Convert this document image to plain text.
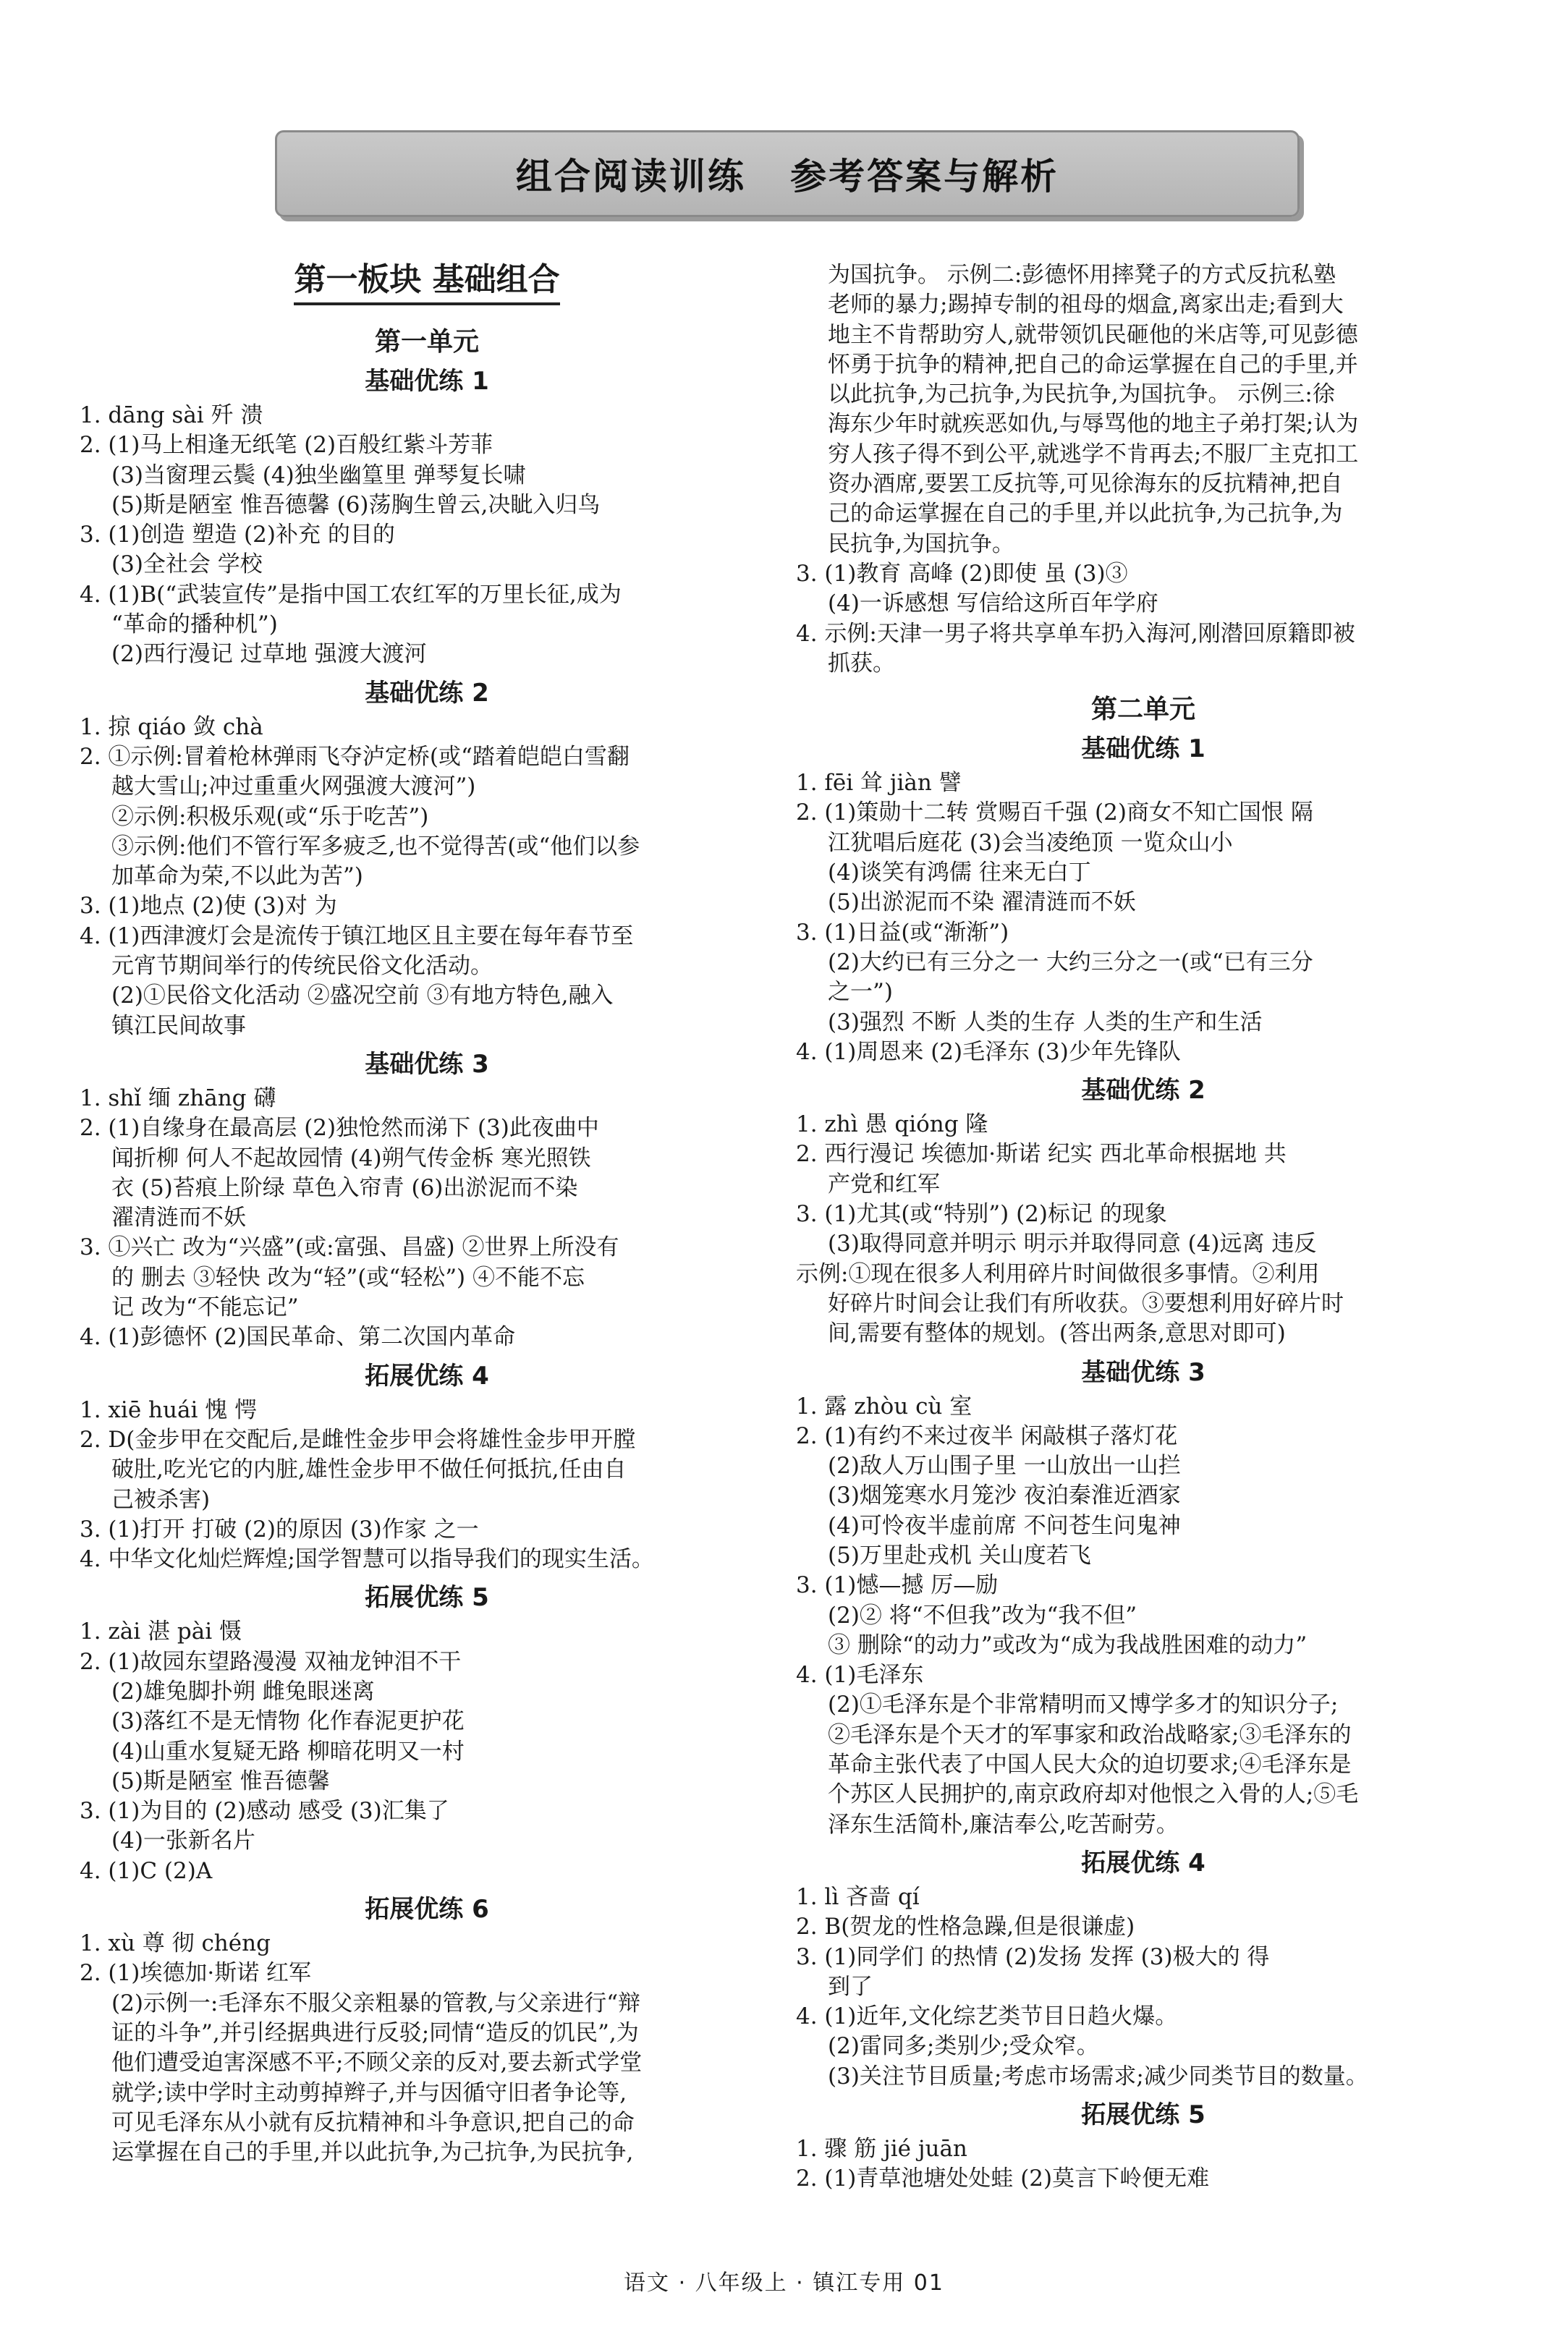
组合阅读训练   参考答案与解析
第一板块 基础组合
第一单元
基础优练 1
1. dāng sài 歼 溃
2. (1)马上相逢无纸笔 (2)百般红紫斗芳菲
(3)当窗理云鬓 (4)独坐幽篁里 弹琴复长啸
(5)斯是陋室 惟吾德馨 (6)荡胸生曾云,决眦入归鸟
3. (1)创造 塑造 (2)补充 的目的
(3)全社会 学校
4. (1)B(“武装宣传”是指中国工农红军的万里长征,成为
“革命的播种机”)
(2)西行漫记 过草地 强渡大渡河
基础优练 2
1. 掠 qiáo 敛 chà
2. ①示例:冒着枪林弹雨飞夺泸定桥(或“踏着皑皑白雪翻
越大雪山;冲过重重火网强渡大渡河”)
②示例:积极乐观(或“乐于吃苦”)
③示例:他们不管行军多疲乏,也不觉得苦(或“他们以参
加革命为荣,不以此为苦”)
3. (1)地点 (2)使 (3)对 为
4. (1)西津渡灯会是流传于镇江地区且主要在每年春节至
元宵节期间举行的传统民俗文化活动。
(2)①民俗文化活动 ②盛况空前 ③有地方特色,融入
镇江民间故事
基础优练 3
1. shǐ 缅 zhāng 礴
2. (1)自缘身在最高层 (2)独怆然而涕下 (3)此夜曲中
闻折柳 何人不起故园情 (4)朔气传金柝 寒光照铁
衣 (5)苔痕上阶绿 草色入帘青 (6)出淤泥而不染
濯清涟而不妖
3. ①兴亡 改为“兴盛”(或:富强、昌盛) ②世界上所没有
的 删去 ③轻快 改为“轻”(或“轻松”) ④不能不忘
记 改为“不能忘记”
4. (1)彭德怀 (2)国民革命、第二次国内革命
拓展优练 4
1. xiē huái 愧 愕
2. D(金步甲在交配后,是雌性金步甲会将雄性金步甲开膛
破肚,吃光它的内脏,雄性金步甲不做任何抵抗,任由自
己被杀害)
3. (1)打开 打破 (2)的原因 (3)作家 之一
4. 中华文化灿烂辉煌;国学智慧可以指导我们的现实生活。
拓展优练 5
1. zài 湛 pài 慑
2. (1)故园东望路漫漫 双袖龙钟泪不干
(2)雄兔脚扑朔 雌兔眼迷离
(3)落红不是无情物 化作春泥更护花
(4)山重水复疑无路 柳暗花明又一村
(5)斯是陋室 惟吾德馨
3. (1)为目的 (2)感动 感受 (3)汇集了
(4)一张新名片
4. (1)C (2)A
拓展优练 6
1. xù 尊 彻 chéng
2. (1)埃德加·斯诺 红军
(2)示例一:毛泽东不服父亲粗暴的管教,与父亲进行“辩
证的斗争”,并引经据典进行反驳;同情“造反的饥民”,为
他们遭受迫害深感不平;不顾父亲的反对,要去新式学堂
就学;读中学时主动剪掉辫子,并与因循守旧者争论等,
可见毛泽东从小就有反抗精神和斗争意识,把自己的命
运掌握在自己的手里,并以此抗争,为己抗争,为民抗争,
为国抗争。 示例二:彭德怀用摔凳子的方式反抗私塾
老师的暴力;踢掉专制的祖母的烟盒,离家出走;看到大
地主不肯帮助穷人,就带领饥民砸他的米店等,可见彭德
怀勇于抗争的精神,把自己的命运掌握在自己的手里,并
以此抗争,为己抗争,为民抗争,为国抗争。 示例三:徐
海东少年时就疾恶如仇,与辱骂他的地主子弟打架;认为
穷人孩子得不到公平,就逃学不肯再去;不服厂主克扣工
资办酒席,要罢工反抗等,可见徐海东的反抗精神,把自
己的命运掌握在自己的手里,并以此抗争,为己抗争,为
民抗争,为国抗争。
3. (1)教育 高峰 (2)即使 虽 (3)③
(4)一诉感想 写信给这所百年学府
4. 示例:天津一男子将共享单车扔入海河,刚潜回原籍即被
抓获。
第二单元
基础优练 1
1. fēi 耸 jiàn 譬
2. (1)策勋十二转 赏赐百千强 (2)商女不知亡国恨 隔
江犹唱后庭花 (3)会当凌绝顶 一览众山小
(4)谈笑有鸿儒 往来无白丁
(5)出淤泥而不染 濯清涟而不妖
3. (1)日益(或“渐渐”)
(2)大约已有三分之一 大约三分之一(或“已有三分
之一”)
(3)强烈 不断 人类的生存 人类的生产和生活
4. (1)周恩来 (2)毛泽东 (3)少年先锋队
基础优练 2
1. zhì 愚 qióng 隆
2. 西行漫记 埃德加·斯诺 纪实 西北革命根据地 共
产党和红军
3. (1)尤其(或“特别”) (2)标记 的现象
(3)取得同意并明示 明示并取得同意 (4)远离 违反
示例:①现在很多人利用碎片时间做很多事情。②利用
好碎片时间会让我们有所收获。③要想利用好碎片时
间,需要有整体的规划。(答出两条,意思对即可)
基础优练 3
1. 露 zhòu cù 室
2. (1)有约不来过夜半 闲敲棋子落灯花
(2)敌人万山围子里 一山放出一山拦
(3)烟笼寒水月笼沙 夜泊秦淮近酒家
(4)可怜夜半虚前席 不问苍生问鬼神
(5)万里赴戎机 关山度若飞
3. (1)憾—撼 厉—励
(2)② 将“不但我”改为“我不但”
③ 删除“的动力”或改为“成为我战胜困难的动力”
4. (1)毛泽东
(2)①毛泽东是个非常精明而又博学多才的知识分子;
②毛泽东是个天才的军事家和政治战略家;③毛泽东的
革命主张代表了中国人民大众的迫切要求;④毛泽东是
个苏区人民拥护的,南京政府却对他恨之入骨的人;⑤毛
泽东生活简朴,廉洁奉公,吃苦耐劳。
拓展优练 4
1. lì 吝啬 qí
2. B(贺龙的性格急躁,但是很谦虚)
3. (1)同学们 的热情 (2)发扬 发挥 (3)极大的 得
到了
4. (1)近年,文化综艺类节目日趋火爆。
(2)雷同多;类别少;受众窄。
(3)关注节目质量;考虑市场需求;减少同类节目的数量。
拓展优练 5
1. 骤 筋 jié juān
2. (1)青草池塘处处蛙 (2)莫言下岭便无难
语文 · 八年级上 · 镇江专用 01
